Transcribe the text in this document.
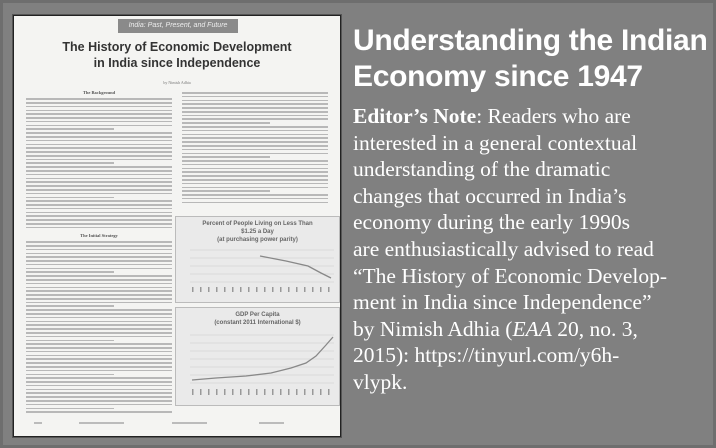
India: Past, Present, and Future
The History of Economic Development
in India since Independence
by Nimish Adhia
The Background
The Initial Strategy
Percent of People Living on Less Than
$1.25 a Day
(at purchasing power parity)
GDP Per Capita
(constant 2011 International $)
Understanding the Indian
Economy since 1947
Editor’s Note: Readers who are
interested in a general contextual
understanding of the dramatic
changes that occurred in India’s
economy during the early 1990s
are enthusiastically advised to read
“The History of Economic Develop-
ment in India since Independence”
by Nimish Adhia (EAA 20, no. 3,
2015): https://tinyurl.com/y6h-
vlypk.
